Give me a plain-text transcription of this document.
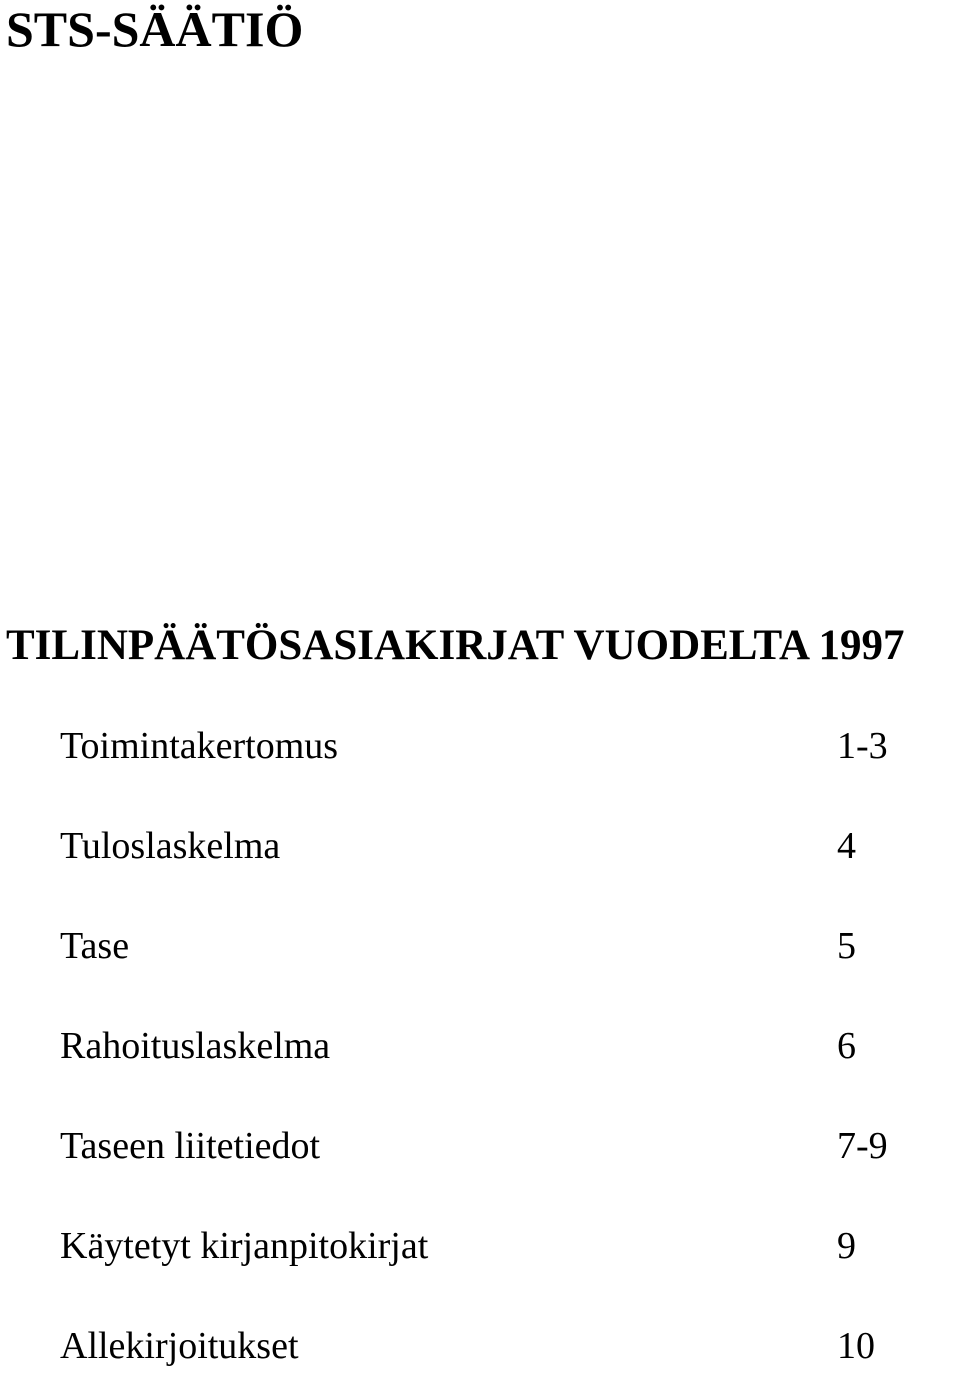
STS-SÄÄTIÖ
TILINPÄÄTÖSASIAKIRJAT VUODELTA 1997
Toimintakertomus	1-3
Tuloslaskelma	4
Tase	5
Rahoituslaskelma	6
Taseen liitetiedot	7-9
Käytetyt kirjanpitokirjat	9
Allekirjoitukset	10
